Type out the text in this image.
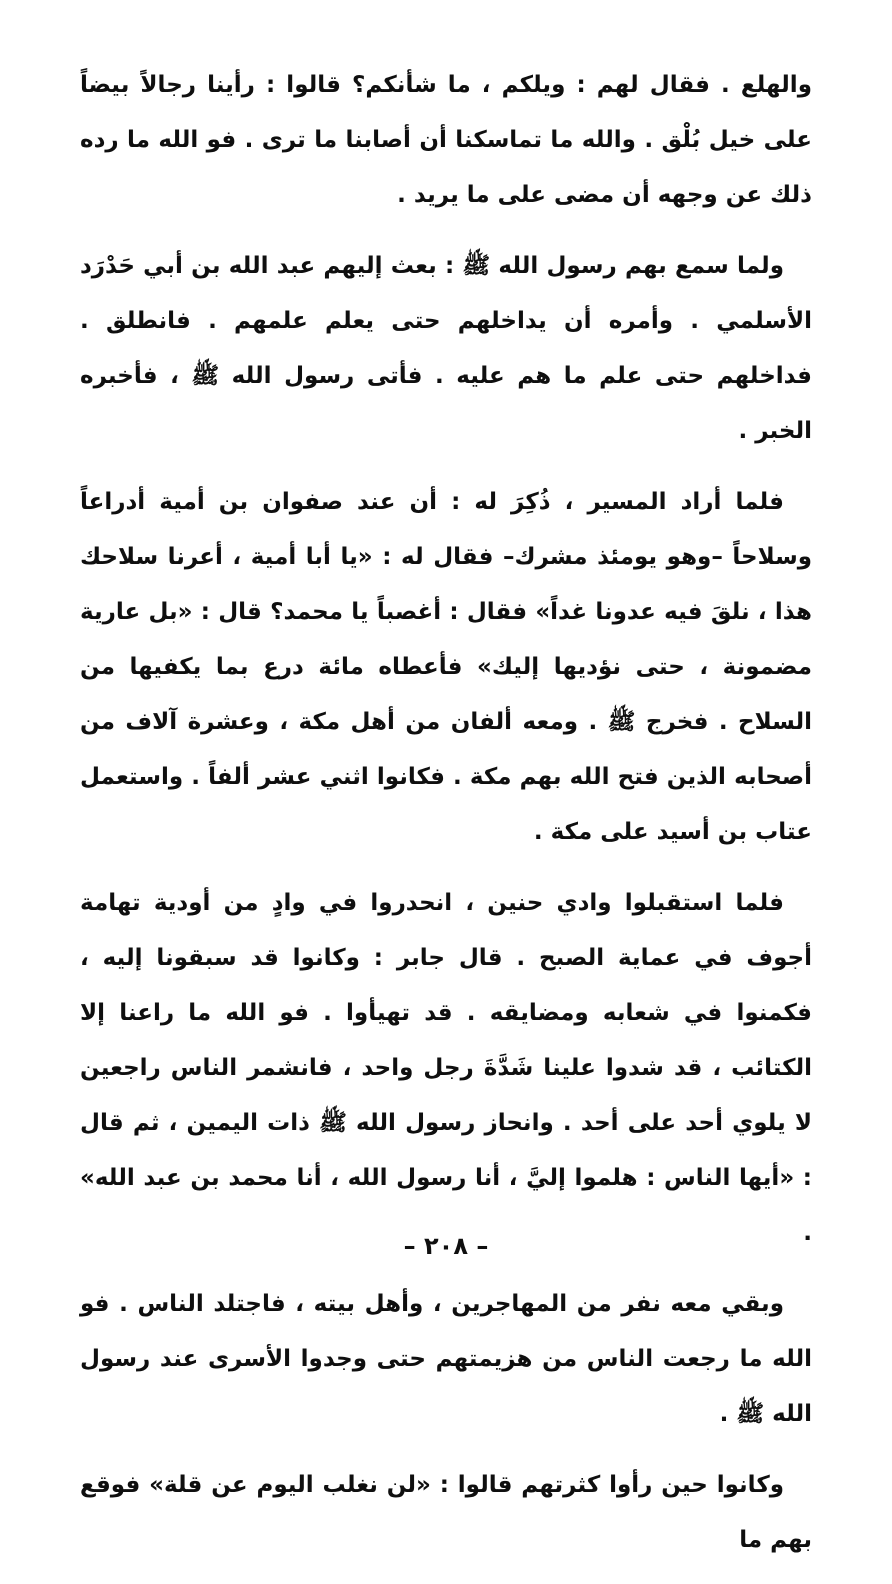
والهلع . فقال لهم : ويلكم ، ما شأنكم؟ قالوا : رأينا رجالاً بيضاً على خيل بُلْق . والله ما تماسكنا أن أصابنا ما ترى . فو الله ما رده ذلك عن وجهه أن مضى على ما يريد .

ولما سمع بهم رسول الله ﷺ : بعث إليهم عبد الله بن أبي حَدْرَد الأسلمي . وأمره أن يداخلهم حتى يعلم علمهم . فانطلق . فداخلهم حتى علم ما هم عليه . فأتى رسول الله ﷺ ، فأخبره الخبر .

فلما أراد المسير ، ذُكِرَ له : أن عند صفوان بن أمية أدراعاً وسلاحاً –وهو يومئذ مشرك– فقال له : «يا أبا أمية ، أعرنا سلاحك هذا ، نلقَ فيه عدونا غداً» فقال : أغصباً يا محمد؟ قال : «بل عارية مضمونة ، حتى نؤديها إليك» فأعطاه مائة درع بما يكفيها من السلاح . فخرج ﷺ . ومعه ألفان من أهل مكة ، وعشرة آلاف من أصحابه الذين فتح الله بهم مكة . فكانوا اثني عشر ألفاً . واستعمل عتاب بن أسيد على مكة .

فلما استقبلوا وادي حنين ، انحدروا في وادٍ من أودية تهامة أجوف في عماية الصبح . قال جابر : وكانوا قد سبقونا إليه ، فكمنوا في شعابه ومضايقه . قد تهيأوا . فو الله ما راعنا إلا الكتائب ، قد شدوا علينا شَدَّةَ رجل واحد ، فانشمر الناس راجعين لا يلوي أحد على أحد . وانحاز رسول الله ﷺ ذات اليمين ، ثم قال : «أيها الناس : هلموا إليَّ ، أنا رسول الله ، أنا محمد بن عبد الله» .

وبقي معه نفر من المهاجرين ، وأهل بيته ، فاجتلد الناس . فو الله ما رجعت الناس من هزيمتهم حتى وجدوا الأسرى عند رسول الله ﷺ .

وكانوا حين رأوا كثرتهم قالوا : «لن نغلب اليوم عن قلة» فوقع بهم ما

– ٢٠٨ –
